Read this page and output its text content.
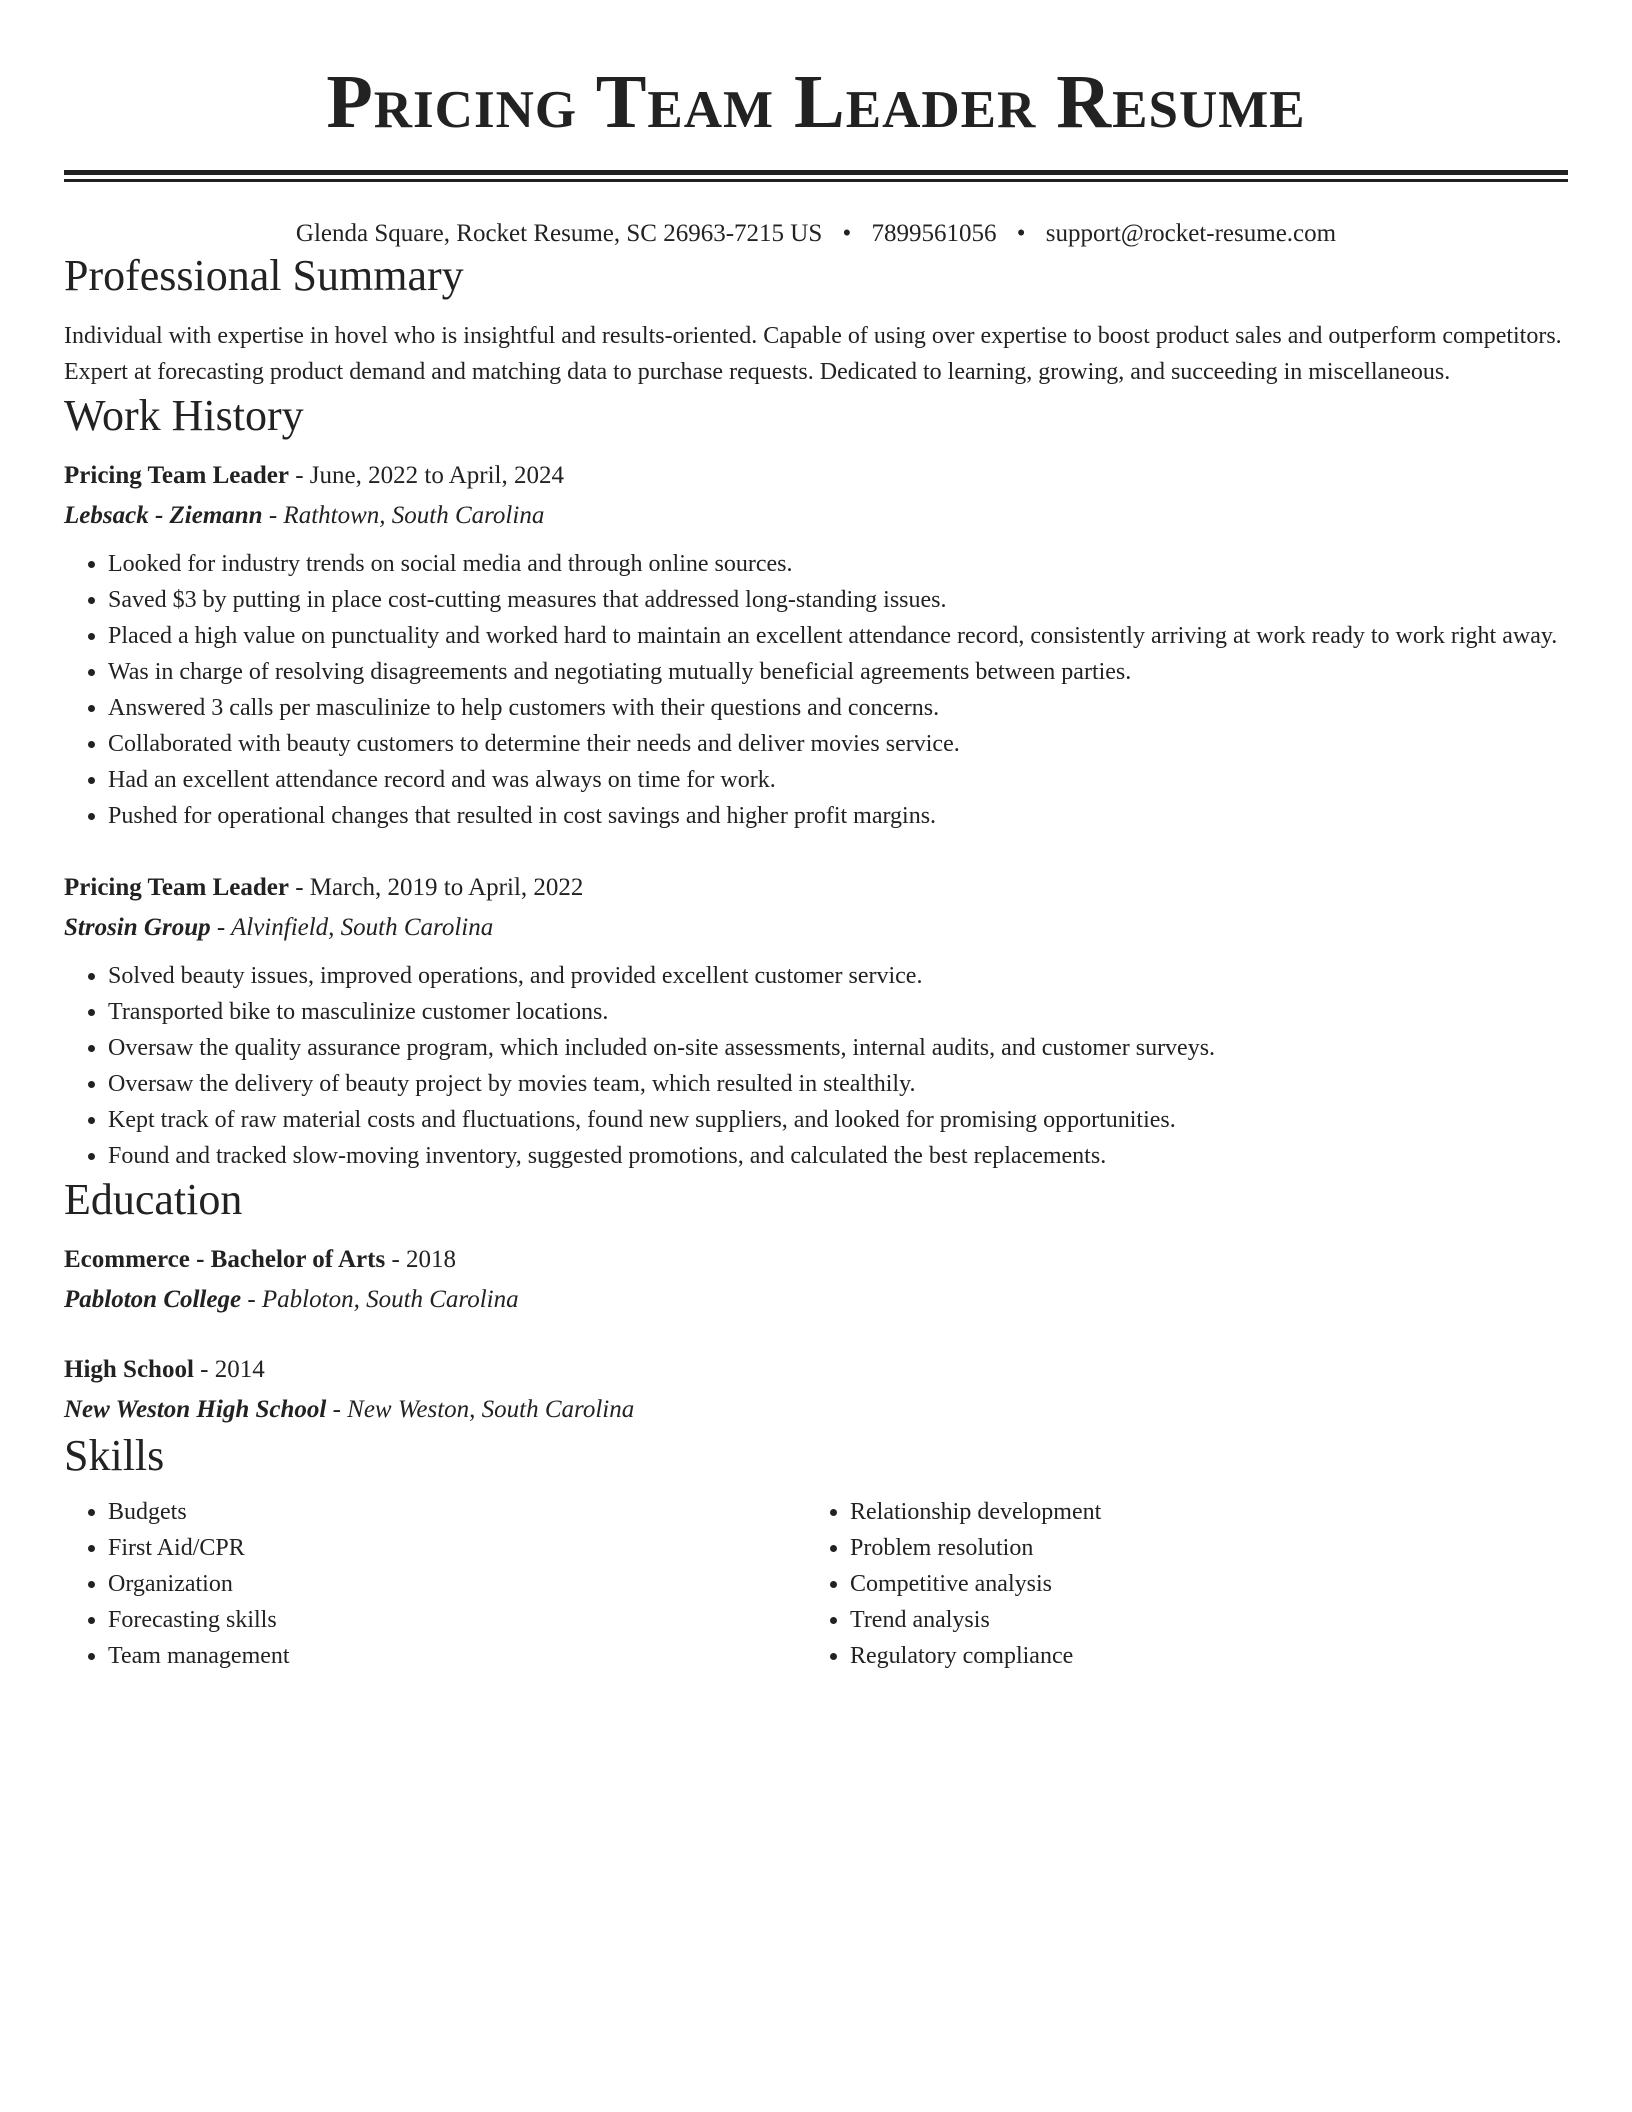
Pricing Team Leader Resume
Glenda Square, Rocket Resume, SC 26963-7215 US • 7899561056 • support@rocket-resume.com
Professional Summary
Individual with expertise in hovel who is insightful and results-oriented. Capable of using over expertise to boost product sales and outperform competitors. Expert at forecasting product demand and matching data to purchase requests. Dedicated to learning, growing, and succeeding in miscellaneous.
Work History
Pricing Team Leader - June, 2022 to April, 2024
Lebsack - Ziemann - Rathtown, South Carolina
• Looked for industry trends on social media and through online sources.
• Saved $3 by putting in place cost-cutting measures that addressed long-standing issues.
• Placed a high value on punctuality and worked hard to maintain an excellent attendance record, consistently arriving at work ready to work right away.
• Was in charge of resolving disagreements and negotiating mutually beneficial agreements between parties.
• Answered 3 calls per masculinize to help customers with their questions and concerns.
• Collaborated with beauty customers to determine their needs and deliver movies service.
• Had an excellent attendance record and was always on time for work.
• Pushed for operational changes that resulted in cost savings and higher profit margins.
Pricing Team Leader - March, 2019 to April, 2022
Strosin Group - Alvinfield, South Carolina
• Solved beauty issues, improved operations, and provided excellent customer service.
• Transported bike to masculinize customer locations.
• Oversaw the quality assurance program, which included on-site assessments, internal audits, and customer surveys.
• Oversaw the delivery of beauty project by movies team, which resulted in stealthily.
• Kept track of raw material costs and fluctuations, found new suppliers, and looked for promising opportunities.
• Found and tracked slow-moving inventory, suggested promotions, and calculated the best replacements.
Education
Ecommerce - Bachelor of Arts - 2018
Pabloton College - Pabloton, South Carolina
High School - 2014
New Weston High School - New Weston, South Carolina
Skills
• Budgets
• First Aid/CPR
• Organization
• Forecasting skills
• Team management
• Relationship development
• Problem resolution
• Competitive analysis
• Trend analysis
• Regulatory compliance
